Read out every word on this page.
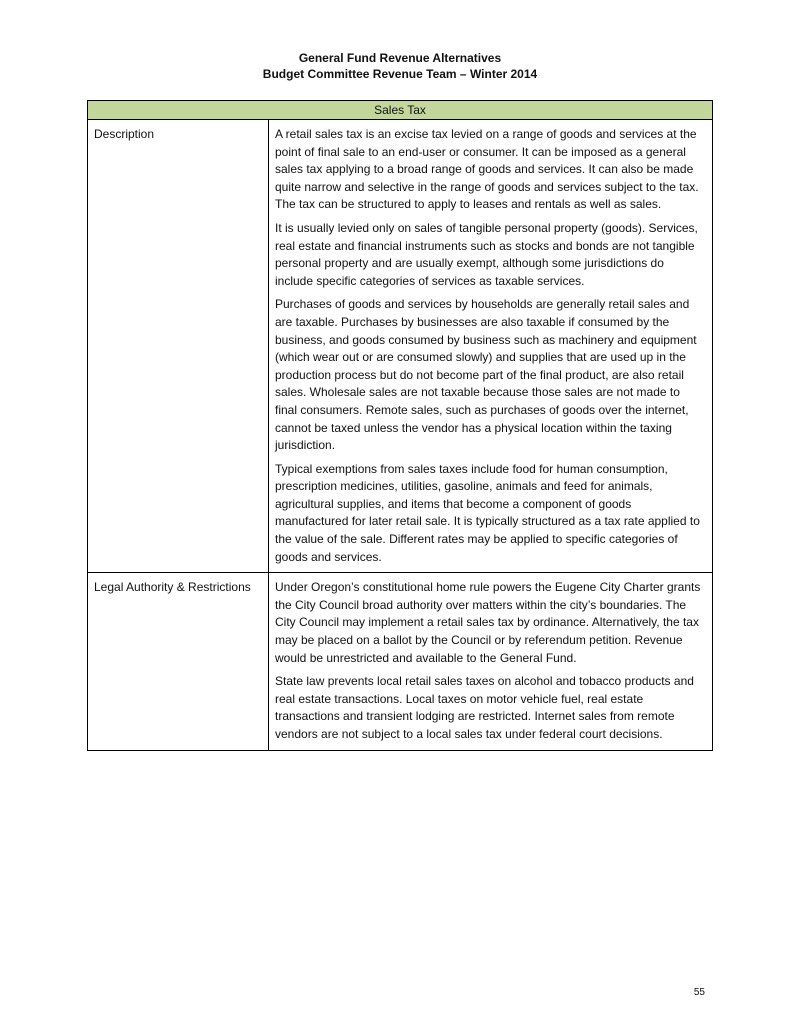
General Fund Revenue Alternatives
Budget Committee Revenue Team – Winter 2014
Sales Tax	
Description	A retail sales tax is an excise tax levied on a range of goods and services at the point of final sale to an end-user or consumer. It can be imposed as a general sales tax applying to a broad range of goods and services. It can also be made quite narrow and selective in the range of goods and services subject to the tax. The tax can be structured to apply to leases and rentals as well as sales.

It is usually levied only on sales of tangible personal property (goods). Services, real estate and financial instruments such as stocks and bonds are not tangible personal property and are usually exempt, although some jurisdictions do include specific categories of services as taxable services.

Purchases of goods and services by households are generally retail sales and are taxable. Purchases by businesses are also taxable if consumed by the business, and goods consumed by business such as machinery and equipment (which wear out or are consumed slowly) and supplies that are used up in the production process but do not become part of the final product, are also retail sales. Wholesale sales are not taxable because those sales are not made to final consumers. Remote sales, such as purchases of goods over the internet, cannot be taxed unless the vendor has a physical location within the taxing jurisdiction.

Typical exemptions from sales taxes include food for human consumption, prescription medicines, utilities, gasoline, animals and feed for animals, agricultural supplies, and items that become a component of goods manufactured for later retail sale. It is typically structured as a tax rate applied to the value of the sale. Different rates may be applied to specific categories of goods and services.

Legal Authority & Restrictions	Under Oregon’s constitutional home rule powers the Eugene City Charter grants the City Council broad authority over matters within the city’s boundaries. The City Council may implement a retail sales tax by ordinance. Alternatively, the tax may be placed on a ballot by the Council or by referendum petition. Revenue would be unrestricted and available to the General Fund.

State law prevents local retail sales taxes on alcohol and tobacco products and real estate transactions. Local taxes on motor vehicle fuel, real estate transactions and transient lodging are restricted. Internet sales from remote vendors are not subject to a local sales tax under federal court decisions.

55
